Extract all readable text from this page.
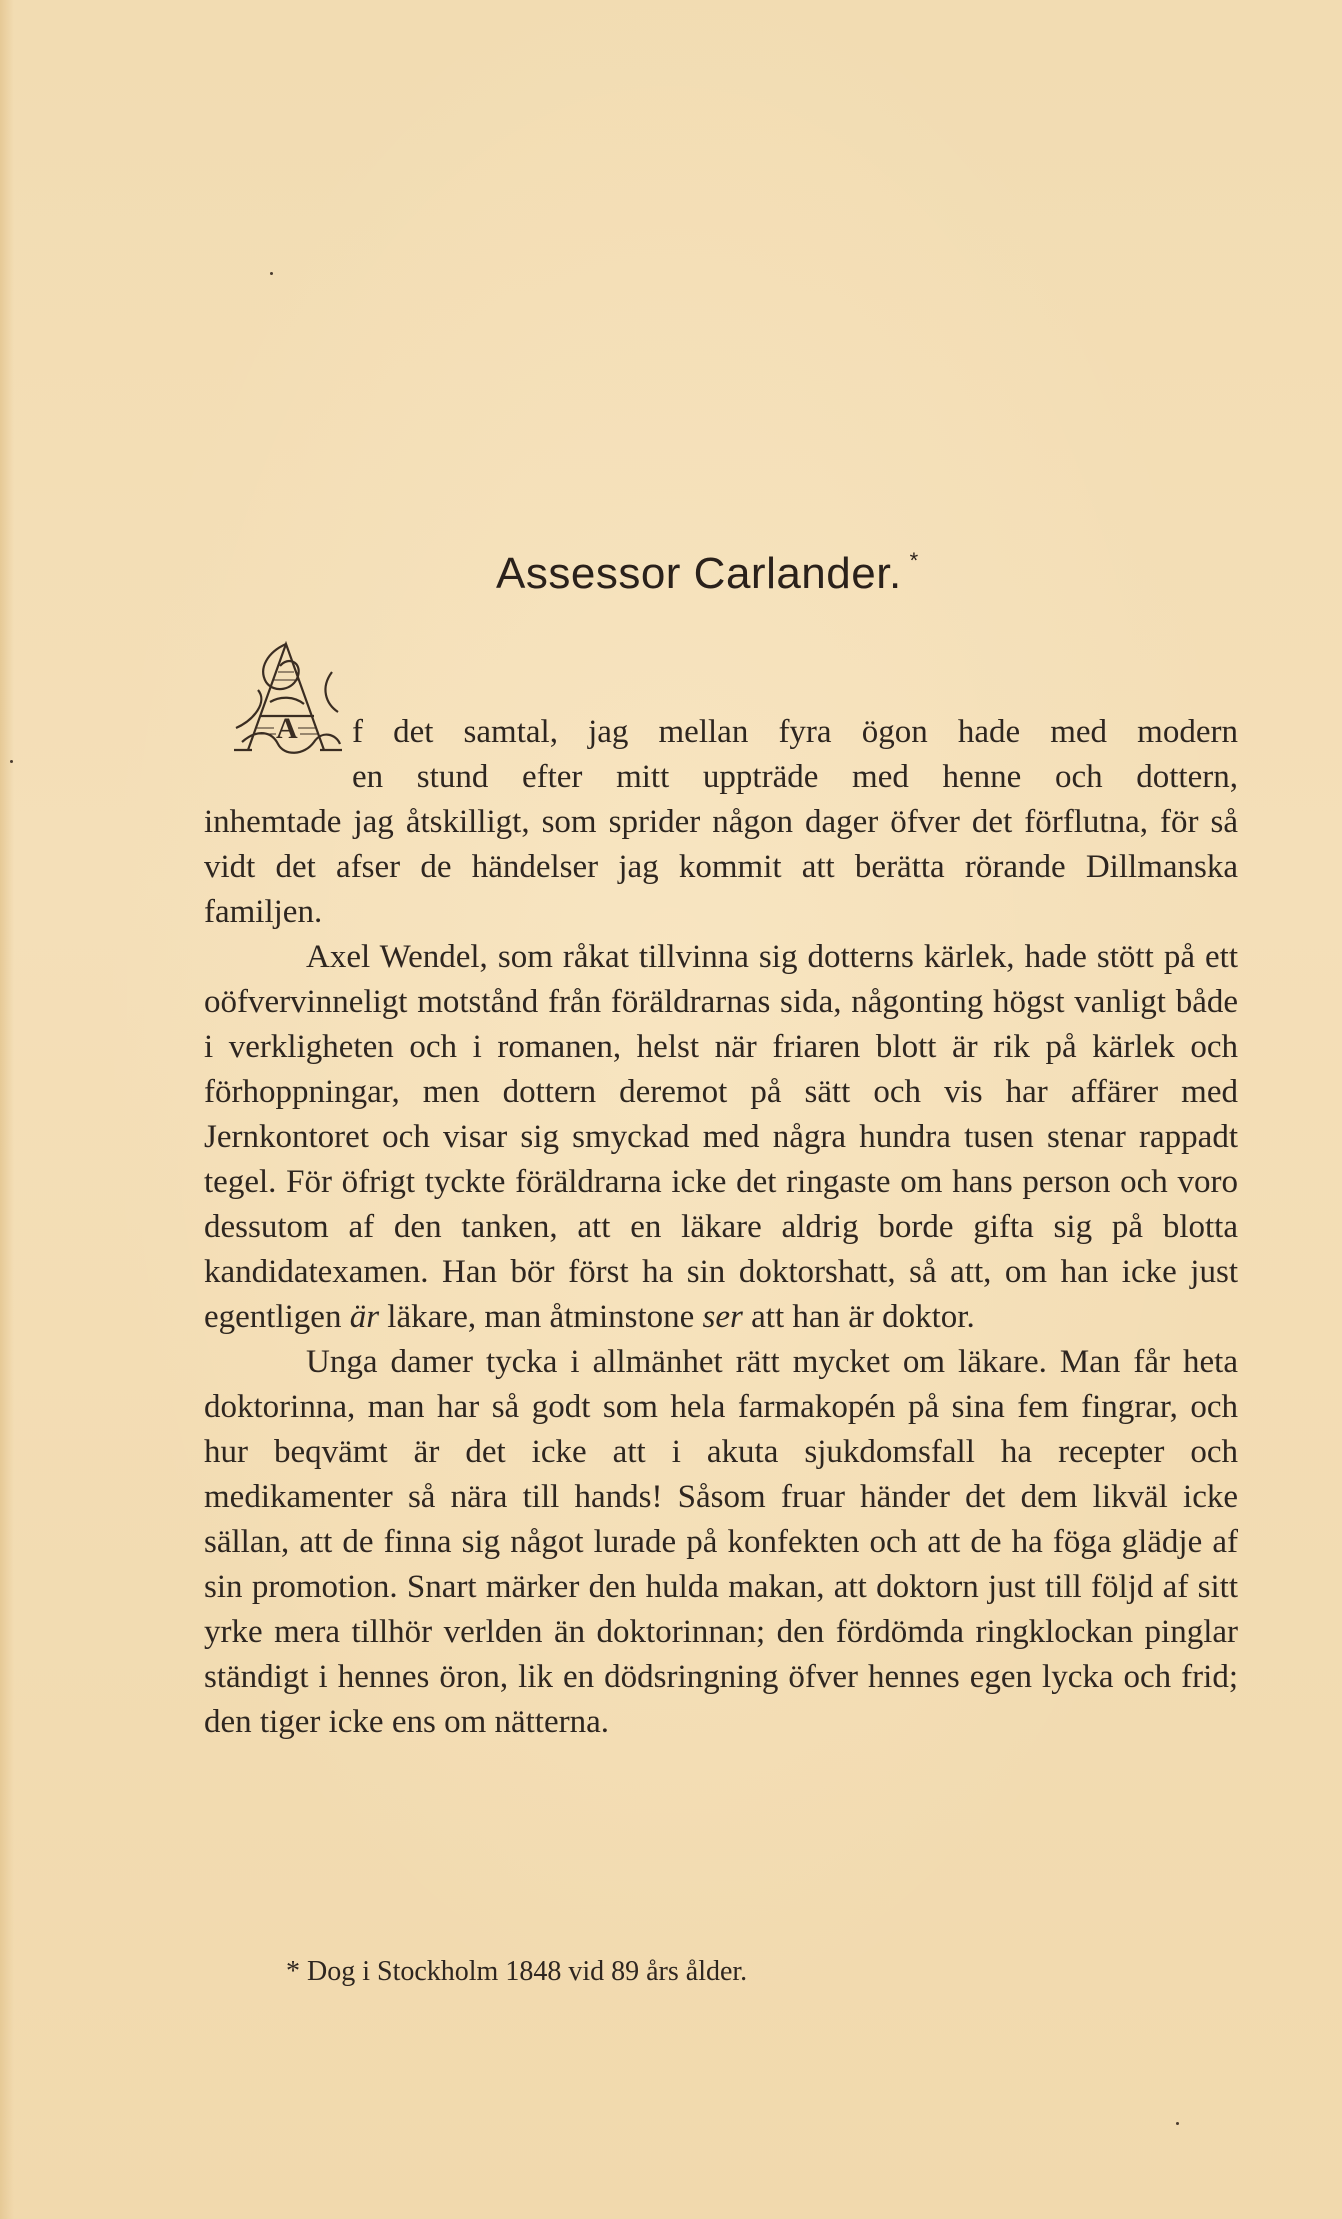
Assessor Carlander. *
A f det samtal, jag mellan fyra ögon hade med modern
en stund efter mitt uppträde med henne och dottern,

inhemtade jag åtskilligt, som sprider någon dager öfver det förflutna, för så vidt det afser de händelser jag kommit att berätta rörande Dillmanska familjen.

Axel Wendel, som råkat tillvinna sig dotterns kärlek, hade stött på ett oöfvervinneligt motstånd från föräldrarnas sida, någonting högst vanligt både i verkligheten och i romanen, helst när friaren blott är rik på kärlek och förhoppningar, men dottern deremot på sätt och vis har affärer med Jernkontoret och visar sig smyckad med några hundra tusen stenar rappadt tegel. För öfrigt tyckte föräldrarna icke det ringaste om hans person och voro dessutom af den tanken, att en läkare aldrig borde gifta sig på blotta kandidatexamen. Han bör först ha sin doktorshatt, så att, om han icke just egentligen är läkare, man åtminstone ser att han är doktor.

Unga damer tycka i allmänhet rätt mycket om läkare. Man får heta doktorinna, man har så godt som hela farmakopén på sina fem fingrar, och hur beqvämt är det icke att i akuta sjukdomsfall ha recepter och medikamenter så nära till hands! Såsom fruar händer det dem likväl icke sällan, att de finna sig något lurade på konfekten och att de ha föga glädje af sin promotion. Snart märker den hulda makan, att doktorn just till följd af sitt yrke mera tillhör verlden än doktorinnan; den fördömda ringklockan pinglar ständigt i hennes öron, lik en dödsringning öfver hennes egen lycka och frid; den tiger icke ens om nätterna.

* Dog i Stockholm 1848 vid 89 års ålder.
